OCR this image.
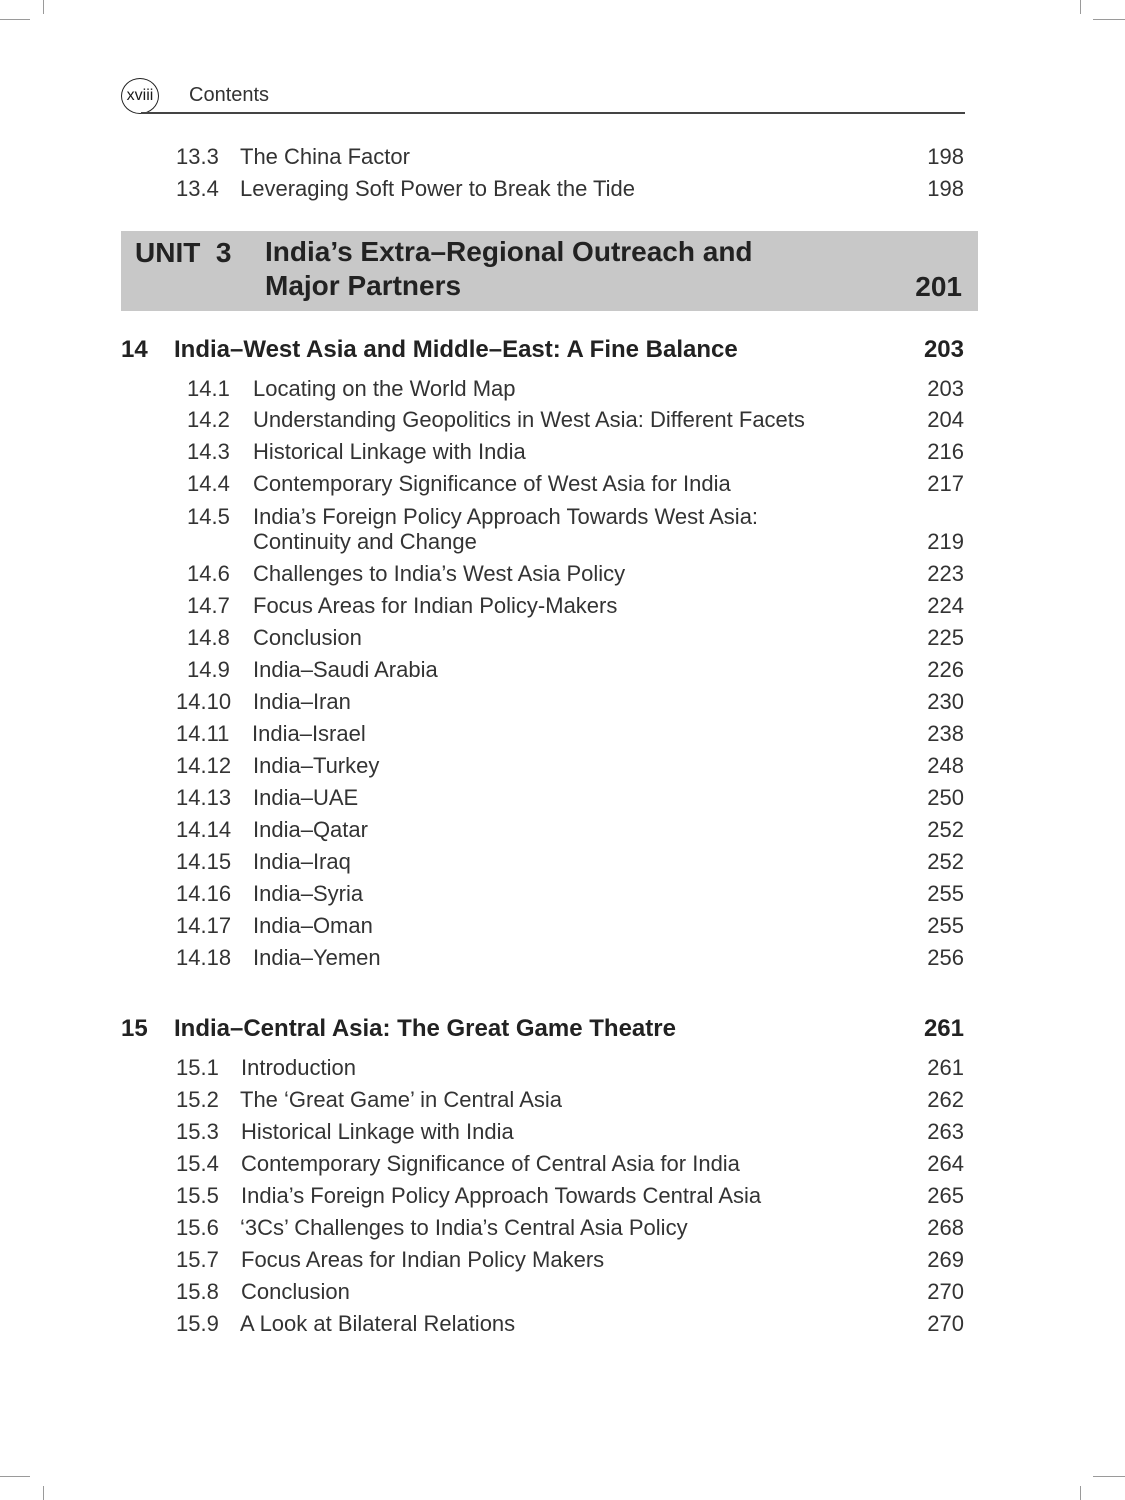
xviii Contents
13.3 The China Factor	198
13.4 Leveraging Soft Power to Break the Tide	198
UNIT  3 India’s Extra–Regional Outreach and
Major Partners	201
14 India–West Asia and Middle–East: A Fine Balance	203
14.1 Locating on the World Map	203
14.2 Understanding Geopolitics in West Asia: Different Facets	204
14.3 Historical Linkage with India	216
14.4 Contemporary Significance of West Asia for India	217
14.5 India’s Foreign Policy Approach Towards West Asia:
Continuity and Change	219
14.6 Challenges to India’s West Asia Policy	223
14.7 Focus Areas for Indian Policy-Makers	224
14.8 Conclusion	225
14.9 India–Saudi Arabia	226
14.10 India–Iran	230
14.11 India–Israel	238
14.12 India–Turkey	248
14.13 India–UAE	250
14.14 India–Qatar	252
14.15 India–Iraq	252
14.16 India–Syria	255
14.17 India–Oman	255
14.18 India–Yemen	256
15 India–Central Asia: The Great Game Theatre	261
15.1 Introduction	261
15.2 The ‘Great Game’ in Central Asia	262
15.3 Historical Linkage with India	263
15.4 Contemporary Significance of Central Asia for India	264
15.5 India’s Foreign Policy Approach Towards Central Asia	265
15.6 ‘3Cs’ Challenges to India’s Central Asia Policy	268
15.7 Focus Areas for Indian Policy Makers	269
15.8 Conclusion	270
15.9 A Look at Bilateral Relations	270
